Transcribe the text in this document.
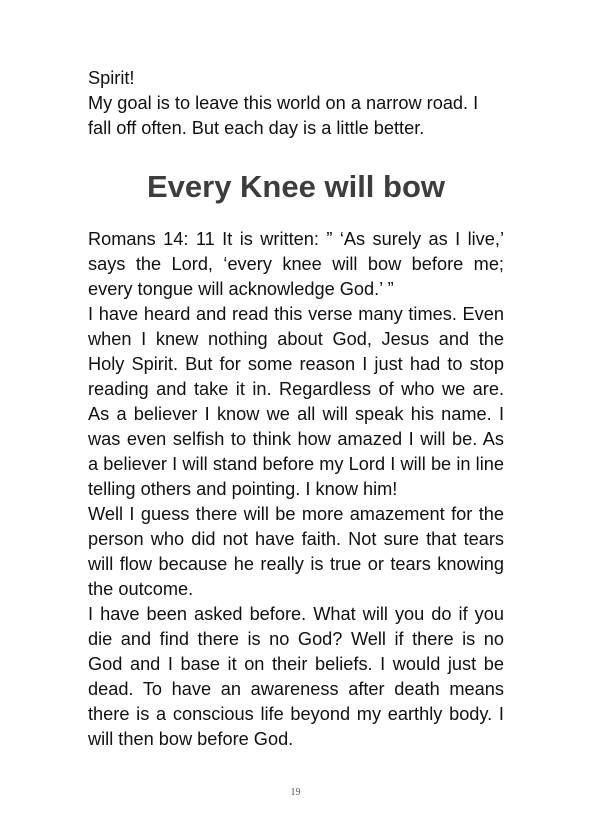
Spirit!

My goal is to leave this world on a narrow road. I fall off often. But each day is a little better.

Every Knee will bow

Romans 14: 11 It is written: ” ‘As surely as I live,’ says the Lord, ‘every knee will bow before me; every tongue will acknowledge God.’ ”

I have heard and read this verse many times. Even when I knew nothing about God, Jesus and the Holy Spirit. But for some reason I just had to stop reading and take it in. Regardless of who we are. As a believer I know we all will speak his name. I was even selfish to think how amazed I will be. As a believer I will stand before my Lord I will be in line telling others and pointing. I know him!

Well I guess there will be more amazement for the person who did not have faith. Not sure that tears will flow because he really is true or tears knowing the outcome.

I have been asked before. What will you do if you die and find there is no God? Well if there is no God and I base it on their beliefs. I would just be dead. To have an awareness after death means there is a conscious life beyond my earthly body. I will then bow before God.

19
